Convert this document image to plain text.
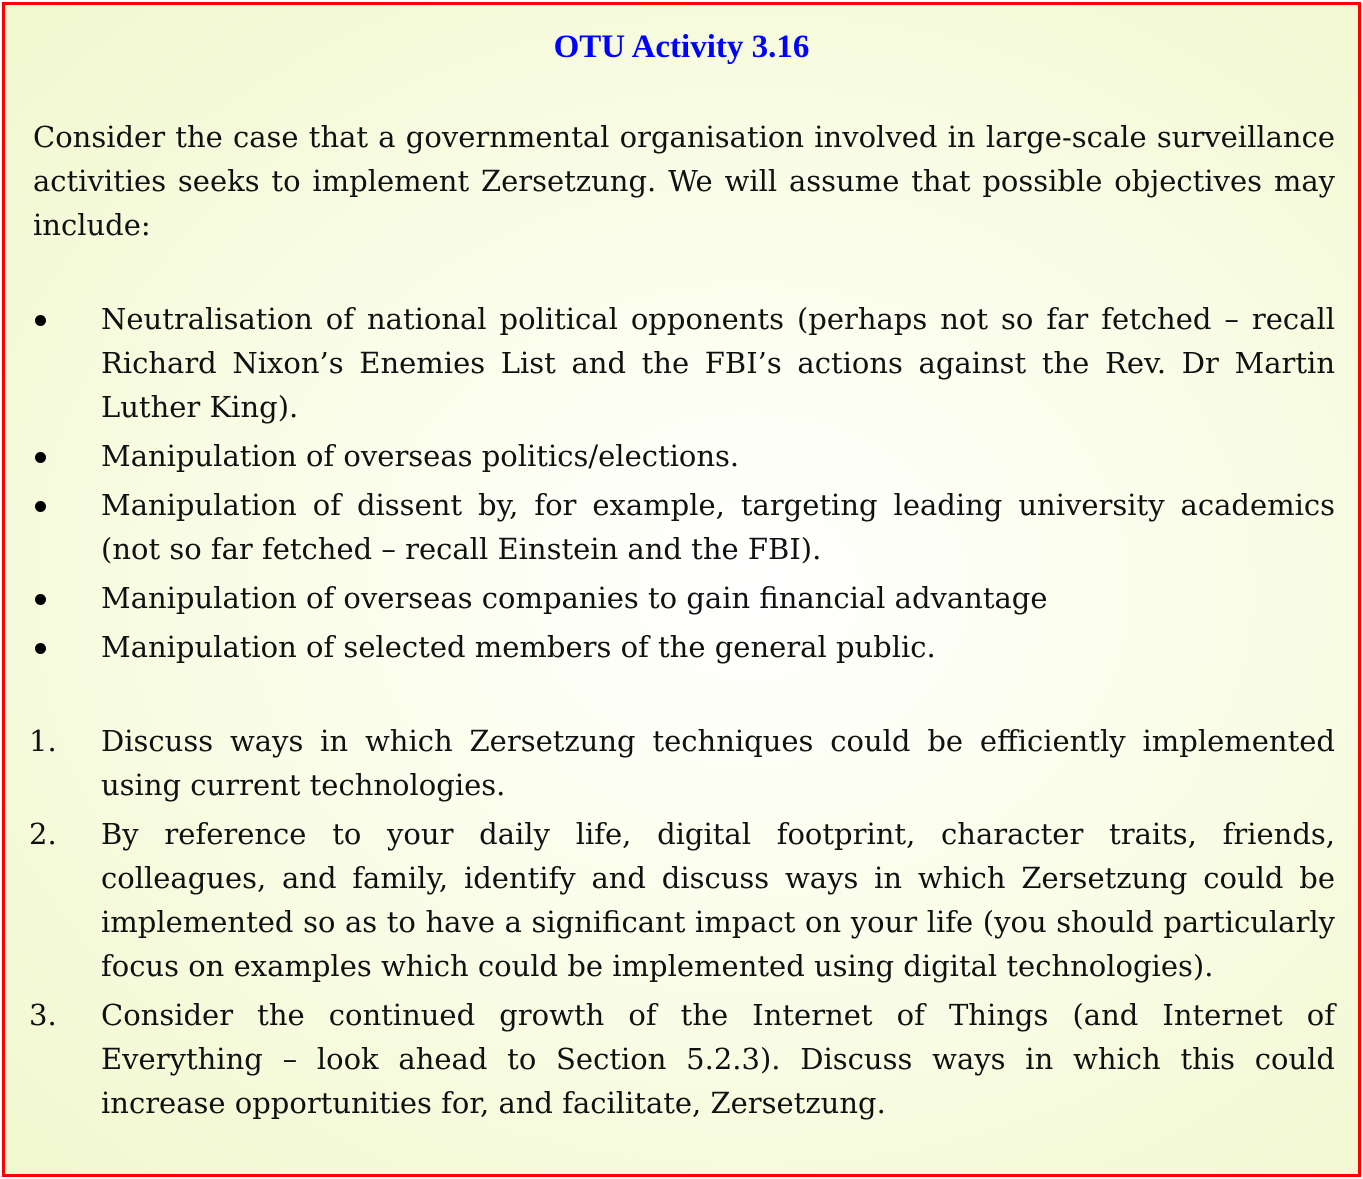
OTU Activity 3.16

Consider the case that a governmental organisation involved in large-scale surveillance activities seeks to implement Zersetzung. We will assume that possible objectives may include:

Neutralisation of national political opponents (perhaps not so far fetched – recall Richard Nixon’s Enemies List and the FBI’s actions against the Rev. Dr Martin Luther King).
Manipulation of overseas politics/elections.
Manipulation of dissent by, for example, targeting leading university academics (not so far fetched – recall Einstein and the FBI).
Manipulation of overseas companies to gain financial advantage
Manipulation of selected members of the general public.
1.	Discuss ways in which Zersetzung techniques could be efficiently implemented using current technologies.
2.	By reference to your daily life, digital footprint, character traits, friends, colleagues, and family, identify and discuss ways in which Zersetzung could be implemented so as to have a significant impact on your life (you should particularly focus on examples which could be implemented using digital technologies).
3.	Consider the continued growth of the Internet of Things (and Internet of Everything – look ahead to Section 5.2.3). Discuss ways in which this could increase opportunities for, and facilitate, Zersetzung.
